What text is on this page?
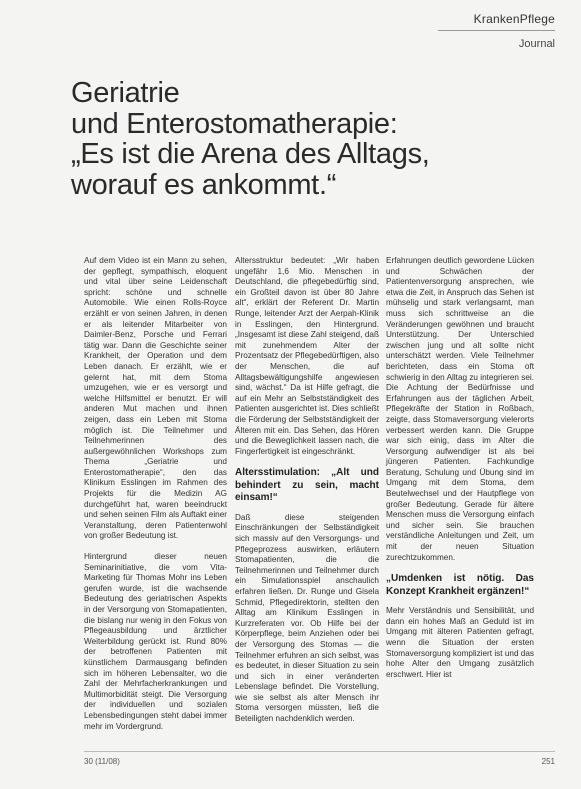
KrankenPflege
Journal
Geriatrie
und Enterostomatherapie:
„Es ist die Arena des Alltags,
worauf es ankommt.“

Auf dem Video ist ein Mann zu sehen, der gepflegt, sympathisch, eloquent und vital über seine Leidenschaft spricht: schöne und schnelle Automobile. Wie einen Rolls-Royce erzählt er von seinen Jahren, in denen er als leitender Mitarbeiter von Daimler-Benz, Porsche und Ferrari tätig war. Dann die Geschichte seiner Krankheit, der Operation und dem Leben danach. Er erzählt, wie er gelernt hat, mit dem Stoma umzugehen, wie er es versorgt und welche Hilfsmittel er benutzt. Er will anderen Mut machen und ihnen zeigen, dass ein Leben mit Stoma möglich ist. Die Teilnehmer und Teilnehmerinnen des außergewöhnlichen Workshops zum Thema „Geriatrie und Enterostomatherapie“, den das Klinikum Esslingen im Rahmen des Projekts für die Medizin AG durchgeführt hat, waren beeindruckt und sehen seinen Film als Auftakt einer Veranstaltung, deren Patientenwohl von großer Bedeutung ist.

Hintergrund dieser neuen Seminarinitiative, die vom Vita-Marketing für Thomas Mohr ins Leben gerufen wurde, ist die wachsende Bedeutung des geriatrischen Aspekts in der Versorgung von Stomapatienten, die bislang nur wenig in den Fokus von Pflegeausbildung und ärztlicher Weiterbildung gerückt ist. Rund 80% der betroffenen Patienten mit künstlichem Darmausgang befinden sich im höheren Lebensalter, wo die Zahl der Mehrfacherkrankungen und Multimorbidität steigt. Die Versorgung der individuellen und sozialen Lebensbedingungen steht dabei immer mehr im Vordergrund.

Altersstruktur bedeutet: „Wir haben ungefähr 1,6 Mio. Menschen in Deutschland, die pflegebedürftig sind, ein Großteil davon ist über 80 Jahre alt“, erklärt der Referent Dr. Martin Runge, leitender Arzt der Aerpah-Klinik in Esslingen, den Hintergrund. „Insgesamt ist diese Zahl steigend, daß mit zunehmendem Alter der Prozentsatz der Pflegebedürftigen, also der Menschen, die auf Alltagsbewältigungshilfe angewiesen sind, wächst.“ Da ist Hilfe gefragt, die auf ein Mehr an Selbstständigkeit des Patienten ausgerichtet ist. Dies schließt die Förderung der Selbstständigkeit der Älteren mit ein. Das Sehen, das Hören und die Beweglichkeit lassen nach, die Fingerfertigkeit ist eingeschränkt.

Altersstimulation: „Alt und behindert zu sein, macht einsam!“

Daß diese steigenden Einschränkungen der Selbständigkeit sich massiv auf den Versorgungs- und Pflegeprozess auswirken, erläutern Stomapatienten, die die Teilnehmerinnen und Teilnehmer durch ein Simulationsspiel anschaulich erfahren ließen. Dr. Runge und Gisela Schmid, Pflegedirektorin, stellten den Alltag am Klinikum Esslingen in Kurzreferaten vor. Ob Hilfe bei der Körperpflege, beim Anziehen oder bei der Versorgung des Stomas — die Teilnehmer erfuhren an sich selbst, was es bedeutet, in dieser Situation zu sein und sich in einer veränderten Lebenslage befindet. Die Vorstellung, wie sie selbst als alter Mensch ihr Stoma versorgen müssten, ließ die Beteiligten nachdenklich werden.

Erfahrungen deutlich gewordene Lücken und Schwächen der Patientenversorgung ansprechen, wie etwa die Zeit, in Anspruch das Sehen ist mühselig und stark verlangsamt, man muss sich schrittweise an die Veränderungen gewöhnen und braucht Unterstützung. Der Unterschied zwischen jung und alt sollte nicht unterschätzt werden. Viele Teilnehmer berichteten, dass ein Stoma oft schwierig in den Alltag zu integrieren sei. Die Achtung der Bedürfnisse und Erfahrungen aus der täglichen Arbeit, Pflegekräfte der Station in Roßbach, zeigte, dass Stomaversorgung vielerorts verbessert werden kann. Die Gruppe war sich einig, dass im Alter die Versorgung aufwendiger ist als bei jüngeren Patienten. Fachkundige Beratung, Schulung und Übung sind im Umgang mit dem Stoma, dem Beutelwechsel und der Hautpflege von großer Bedeutung. Gerade für ältere Menschen muss die Versorgung einfach und sicher sein. Sie brauchen verständliche Anleitungen und Zeit, um mit der neuen Situation zurechtzukommen.

„Umdenken ist nötig. Das Konzept Krankheit ergänzen!“

Mehr Verständnis und Sensibilität, und dann ein hohes Maß an Geduld ist im Umgang mit älteren Patienten gefragt, wenn die Situation der ersten Stomaversorgung kompliziert ist und das hohe Alter den Umgang zusätzlich erschwert. Hier ist

30 (11/08)	251
